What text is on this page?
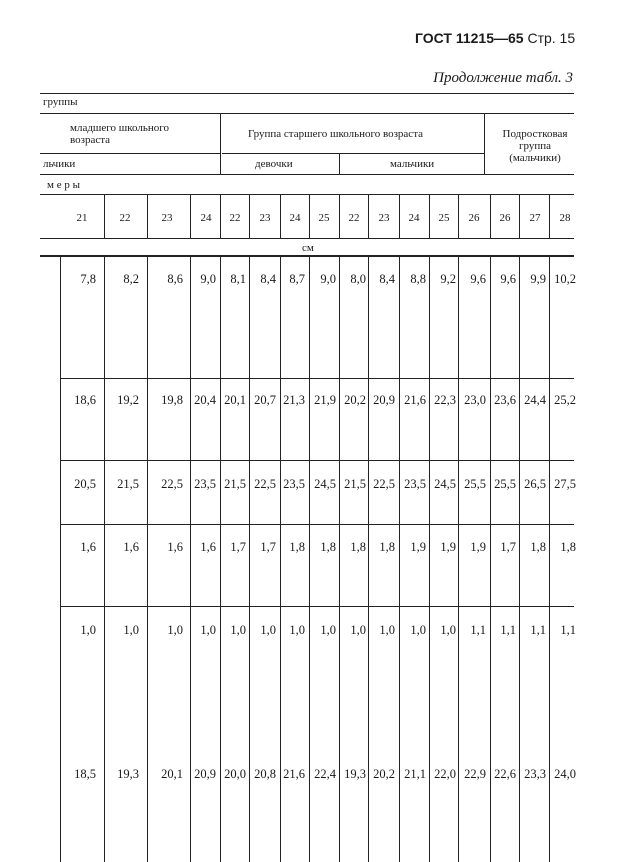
ГОСТ 11215—65 Стр. 15
Продолжение табл. 3
группы
младшего школьного возраста	Группа старшего школьного возраста	Подростковая группа (мальчики)
льчики	девочки	мальчики
м е р ы
см
21	22	23	24	22	23	24	25	22	23	24	25	26	26	27	28
7,8	8,2	8,6	9,0	8,1	8,4	8,7	9,0	8,0	8,4	8,8	9,2	9,6	9,6	9,9 10,2
18,6	19,2	19,8 20,4 20,1 20,7 21,3 21,9 20,2 20,9 21,6 22,3 23,0 23,6 24,4 25,2
20,5	21,5	22,5 23,5 21,5 22,5 23,5 24,5 21,5 22,5 23,5 24,5 25,5 25,5 26,5 27,5
1,6	1,6	1,6	1,6	1,7	1,7	1,8	1,8	1,8	1,8	1,9	1,9	1,9	1,7	1,8	1,8
1,0	1,0	1,0	1,0	1,0	1,0	1,0	1,0	1,0	1,0	1,0	1,0	1,1	1,1	1,1	1,1
18,5	19,3	20,1 20,9 20,0 20,8 21,6 22,4 19,3 20,2 21,1 22,0 22,9 22,6 23,3 24,0
